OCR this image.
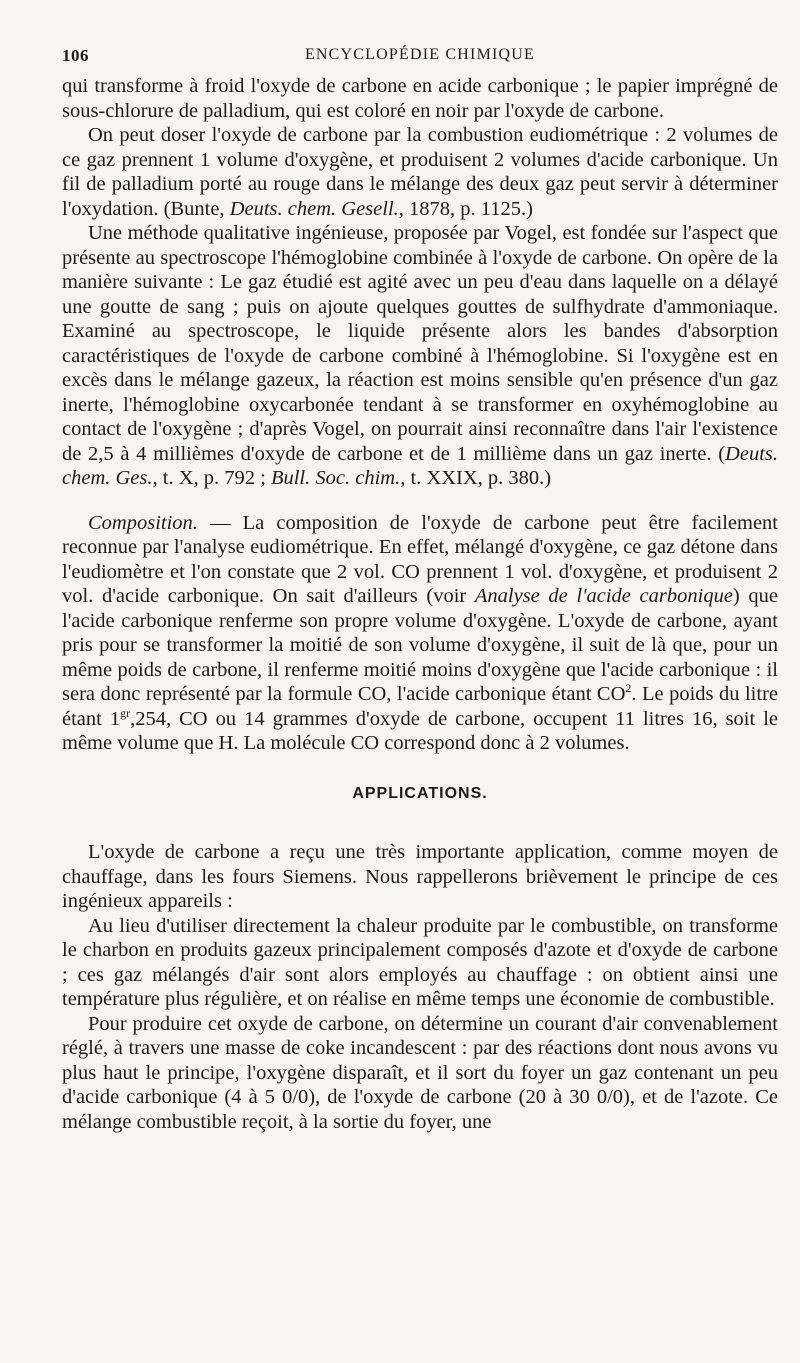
106	ENCYCLOPÉDIE CHIMIQUE

qui transforme à froid l'oxyde de carbone en acide carbonique ; le papier imprégné de sous-chlorure de palladium, qui est coloré en noir par l'oxyde de carbone.

On peut doser l'oxyde de carbone par la combustion eudiométrique : 2 volumes de ce gaz prennent 1 volume d'oxygène, et produisent 2 volumes d'acide carbonique. Un fil de palladium porté au rouge dans le mélange des deux gaz peut servir à déterminer l'oxydation. (Bunte, Deuts. chem. Gesell., 1878, p. 1125.)

Une méthode qualitative ingénieuse, proposée par Vogel, est fondée sur l'aspect que présente au spectroscope l'hémoglobine combinée à l'oxyde de carbone. On opère de la manière suivante : Le gaz étudié est agité avec un peu d'eau dans laquelle on a délayé une goutte de sang ; puis on ajoute quelques gouttes de sulfhydrate d'ammoniaque. Examiné au spectroscope, le liquide présente alors les bandes d'absorption caractéristiques de l'oxyde de carbone combiné à l'hémoglobine. Si l'oxygène est en excès dans le mélange gazeux, la réaction est moins sensible qu'en présence d'un gaz inerte, l'hémoglobine oxycarbonée tendant à se transformer en oxyhémoglobine au contact de l'oxygène ; d'après Vogel, on pourrait ainsi reconnaître dans l'air l'existence de 2,5 à 4 millièmes d'oxyde de carbone et de 1 millième dans un gaz inerte. (Deuts. chem. Ges., t. X, p. 792 ; Bull. Soc. chim., t. XXIX, p. 380.)

Composition. — La composition de l'oxyde de carbone peut être facilement reconnue par l'analyse eudiométrique. En effet, mélangé d'oxygène, ce gaz détone dans l'eudiomètre et l'on constate que 2 vol. CO prennent 1 vol. d'oxygène, et produisent 2 vol. d'acide carbonique. On sait d'ailleurs (voir Analyse de l'acide carbonique) que l'acide carbonique renferme son propre volume d'oxygène. L'oxyde de carbone, ayant pris pour se transformer la moitié de son volume d'oxygène, il suit de là que, pour un même poids de carbone, il renferme moitié moins d'oxygène que l'acide carbonique : il sera donc représenté par la formule CO, l'acide carbonique étant $CO^2$. Le poids du litre étant $1^{gr},254$, CO ou 14 grammes d'oxyde de carbone, occupent 11 litres 16, soit le même volume que H. La molécule CO correspond donc à 2 volumes.

APPLICATIONS.

L'oxyde de carbone a reçu une très importante application, comme moyen de chauffage, dans les fours Siemens. Nous rappellerons brièvement le principe de ces ingénieux appareils :

Au lieu d'utiliser directement la chaleur produite par le combustible, on transforme le charbon en produits gazeux principalement composés d'azote et d'oxyde de carbone ; ces gaz mélangés d'air sont alors employés au chauffage : on obtient ainsi une température plus régulière, et on réalise en même temps une économie de combustible.

Pour produire cet oxyde de carbone, on détermine un courant d'air convenablement réglé, à travers une masse de coke incandescent : par des réactions dont nous avons vu plus haut le principe, l'oxygène disparaît, et il sort du foyer un gaz contenant un peu d'acide carbonique (4 à 5 0/0), de l'oxyde de carbone (20 à 30 0/0), et de l'azote. Ce mélange combustible reçoit, à la sortie du foyer, une
